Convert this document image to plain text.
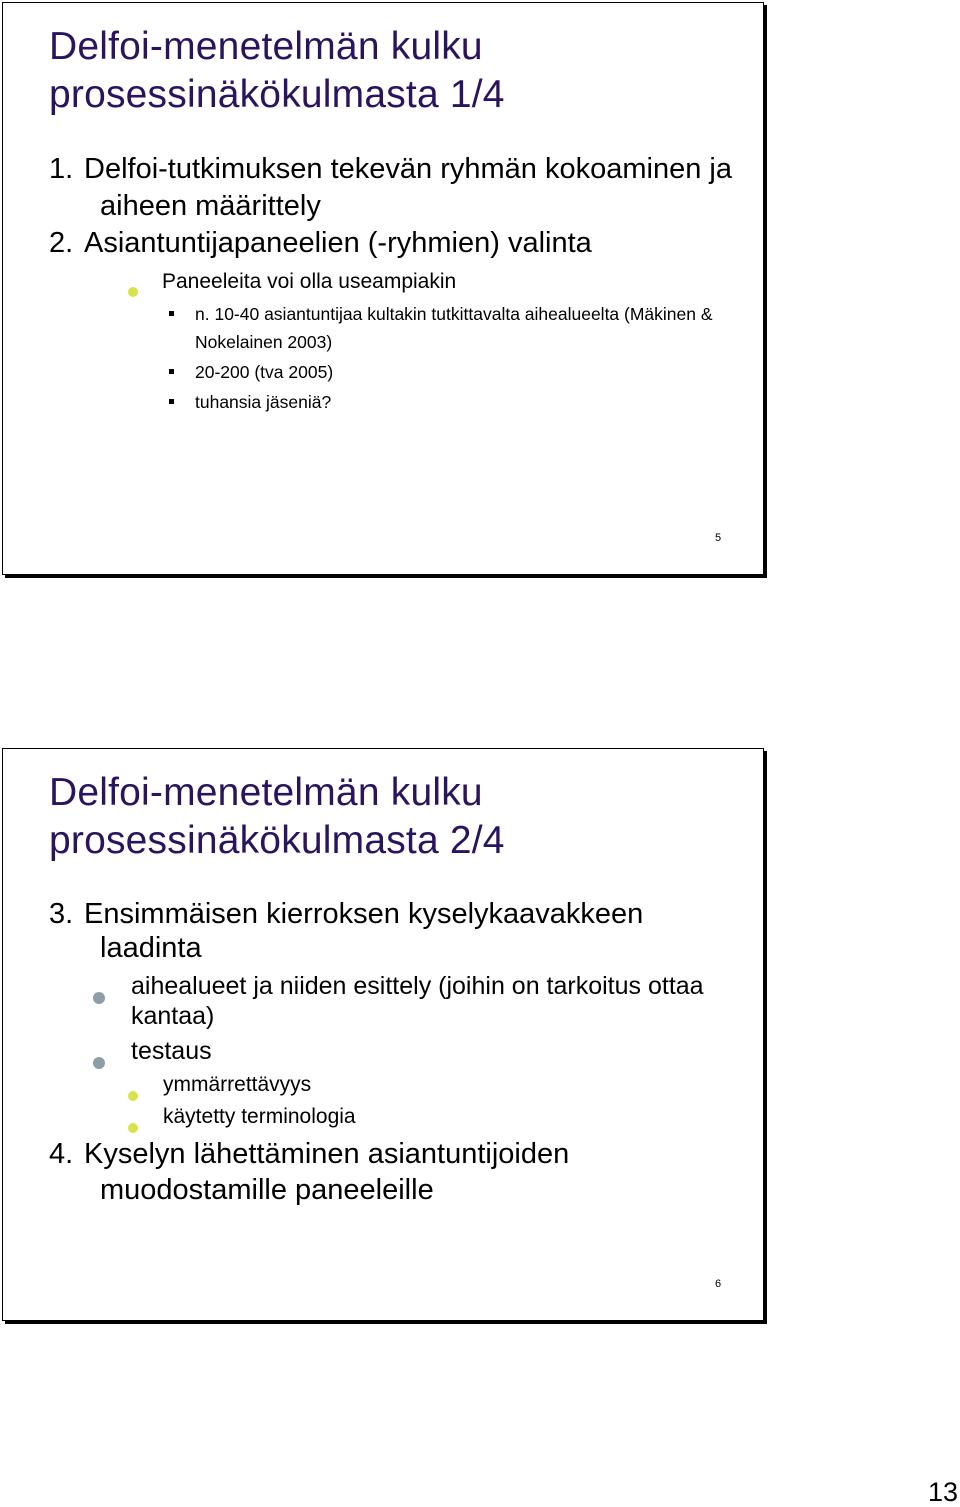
Delfoi-menetelmän kulku
prosessinäkökulmasta 1/4

1. Delfoi-tutkimuksen tekevän ryhmän kokoaminen ja aiheen määrittely

2. Asiantuntijapaneelien (-ryhmien) valinta

Paneeleita voi olla useampiakin

n. 10-40 asiantuntijaa kultakin tutkittavalta aihealueelta (Mäkinen & Nokelainen 2003)

20-200 (tva 2005)

tuhansia jäseniä?

5
Delfoi-menetelmän kulku
prosessinäkökulmasta 2/4

3. Ensimmäisen kierroksen kyselykaavakkeen laadinta

aihealueet ja niiden esittely (joihin on tarkoitus ottaa kantaa)

testaus

ymmärrettävyys

käytetty terminologia

4. Kyselyn lähettäminen asiantuntijoiden muodostamille paneeleille

6
13
